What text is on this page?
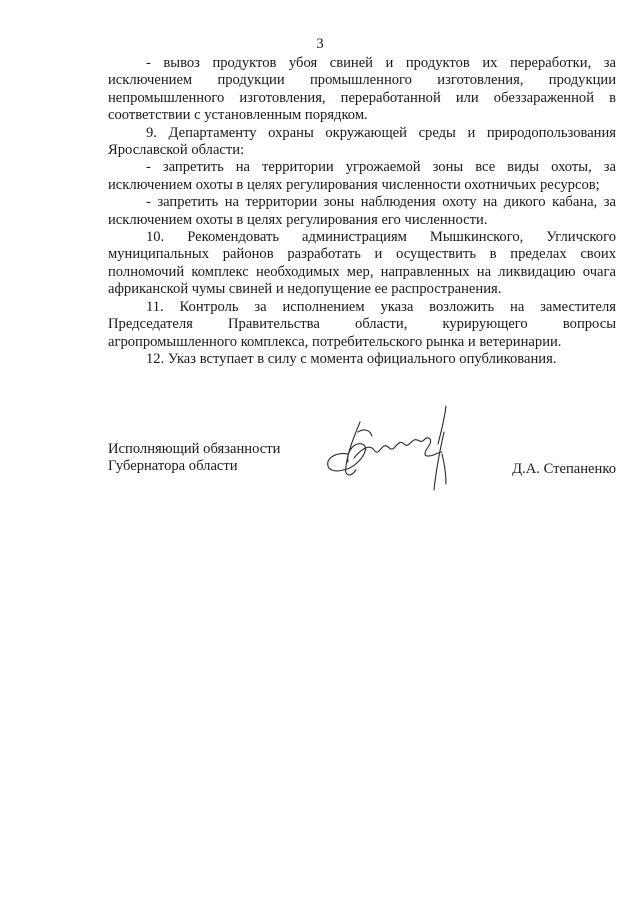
3

- вывоз продуктов убоя свиней и продуктов их переработки, за исключением продукции промышленного изготовления, продукции непромышленного изготовления, переработанной или обеззараженной в соответствии с установленным порядком.

9. Департаменту охраны окружающей среды и природопользования Ярославской области:

- запретить на территории угрожаемой зоны все виды охоты, за исключением охоты в целях регулирования численности охотничьих ресурсов;

- запретить на территории зоны наблюдения охоту на дикого кабана, за исключением охоты в целях регулирования его численности.

10. Рекомендовать администрациям Мышкинского, Угличского муниципальных районов разработать и осуществить в пределах своих полномочий комплекс необходимых мер, направленных на ликвидацию очага африканской чумы свиней и недопущение ее распространения.

11. Контроль за исполнением указа возложить на заместителя Председателя Правительства области, курирующего вопросы агропромышленного комплекса, потребительского рынка и ветеринарии.

12. Указ вступает в силу с момента официального опубликования.

Исполняющий обязанности
Губернатора области	Д.А. Степаненко
